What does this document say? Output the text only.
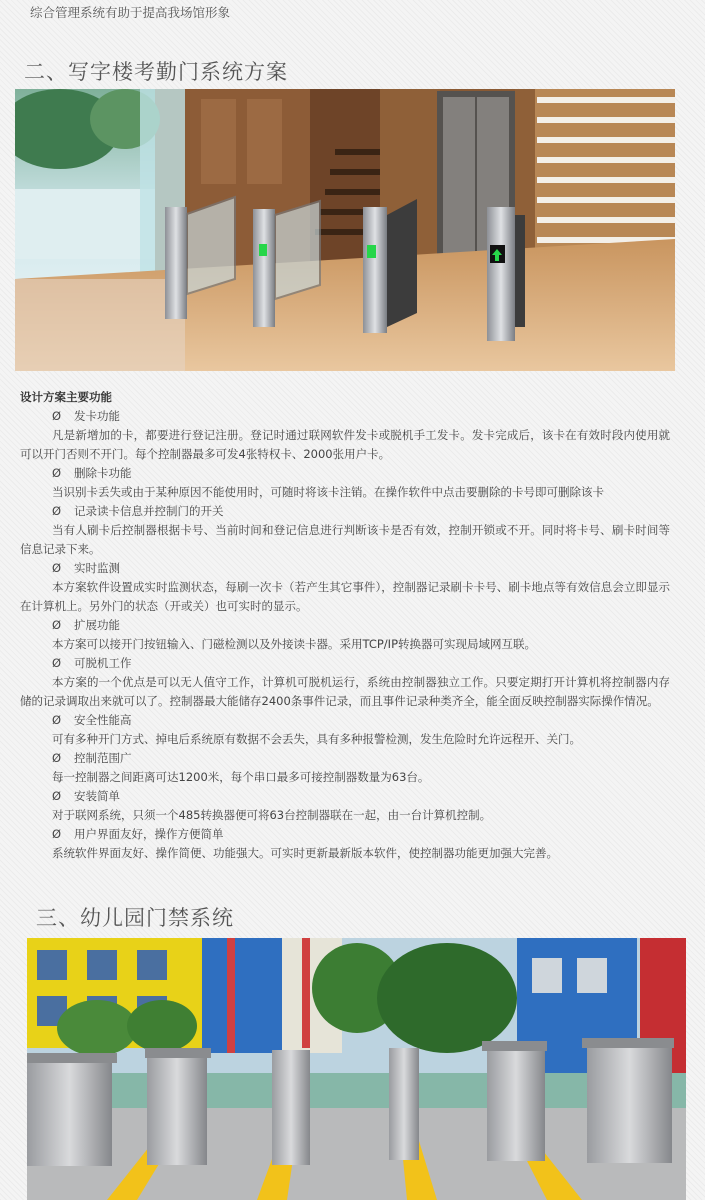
综合管理系统有助于提高我场馆形象
二、写字楼考勤门系统方案
设计方案主要功能
Ø 发卡功能
凡是新增加的卡，都要进行登记注册。登记时通过联网软件发卡或脱机手工发卡。发卡完成后，该卡在有效时段内使用就可以开门否则不开门。每个控制器最多可发4张特权卡、2000张用户卡。
Ø 删除卡功能
当识别卡丢失或由于某种原因不能使用时，可随时将该卡注销。在操作软件中点击要删除的卡号即可删除该卡
Ø 记录读卡信息并控制门的开关
当有人刷卡后控制器根据卡号、当前时间和登记信息进行判断该卡是否有效，控制开锁或不开。同时将卡号、刷卡时间等信息记录下来。
Ø 实时监测
本方案软件设置成实时监测状态，每刷一次卡（若产生其它事件），控制器记录刷卡卡号、刷卡地点等有效信息会立即显示在计算机上。另外门的状态（开或关）也可实时的显示。
Ø 扩展功能
本方案可以接开门按钮输入、门磁检测以及外接读卡器。采用TCP/IP转换器可实现局域网互联。
Ø 可脱机工作
本方案的一个优点是可以无人值守工作，计算机可脱机运行，系统由控制器独立工作。只要定期打开计算机将控制器内存储的记录调取出来就可以了。控制器最大能储存2400条事件记录，而且事件记录种类齐全，能全面反映控制器实际操作情况。
Ø 安全性能高
可有多种开门方式、掉电后系统原有数据不会丢失，具有多种报警检测，发生危险时允许远程开、关门。
Ø 控制范围广
每一控制器之间距离可达1200米，每个串口最多可接控制器数量为63台。
Ø 安装简单
对于联网系统，只须一个485转换器便可将63台控制器联在一起，由一台计算机控制。
Ø 用户界面友好，操作方便简单
系统软件界面友好、操作简便、功能强大。可实时更新最新版本软件，使控制器功能更加强大完善。
三、幼儿园门禁系统
